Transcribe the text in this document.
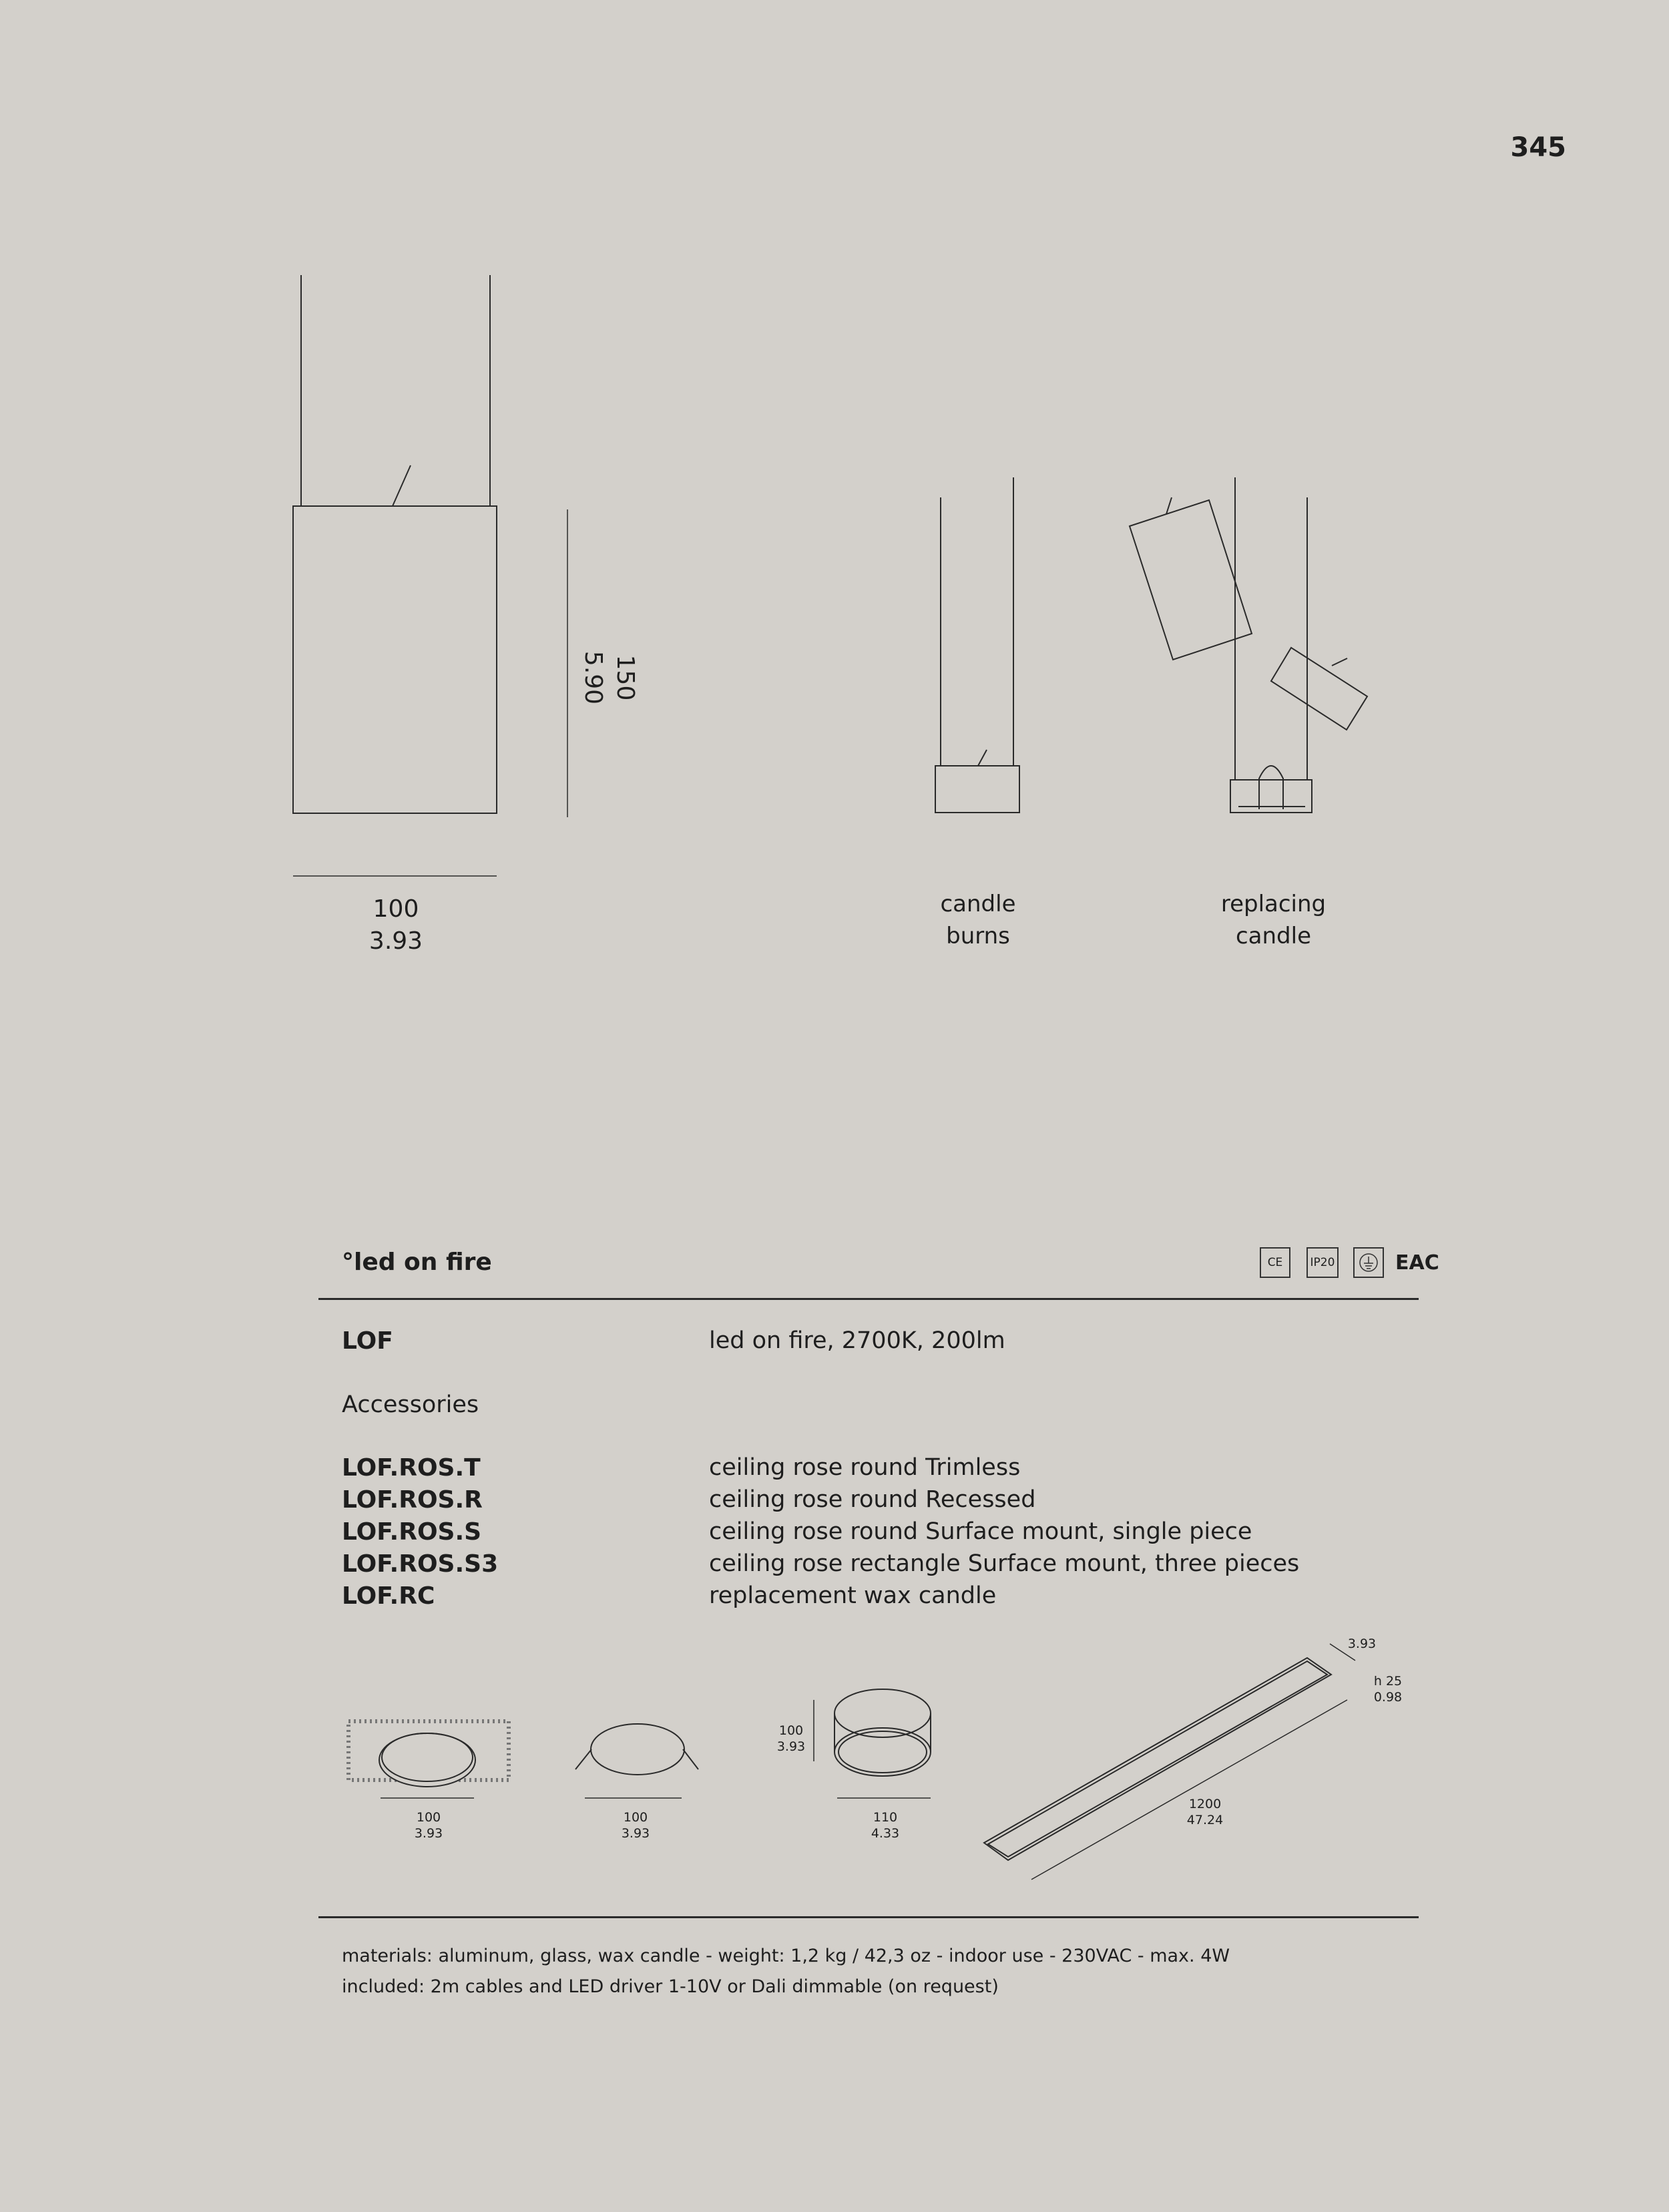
345
100
3.93
150
5.90
candle
burns
replacing
candle
°led on fire	CE	IP20	EAC
LOF	led on fire, 2700K, 200lm
Accessories
LOF.ROS.T	ceiling rose round Trimless
LOF.ROS.R	ceiling rose round Recessed
LOF.ROS.S	ceiling rose round Surface mount, single piece
LOF.ROS.S3	ceiling rose rectangle Surface mount, three pieces
LOF.RC	replacement wax candle
100
3.93
100
3.93
100
3.93
110
4.33
1200
47.24
3.93
h 25
0.98
materials: aluminum, glass, wax candle - weight: 1,2 kg / 42,3 oz - indoor use - 230VAC - max. 4W
included: 2m cables and LED driver 1-10V or Dali dimmable (on request)
